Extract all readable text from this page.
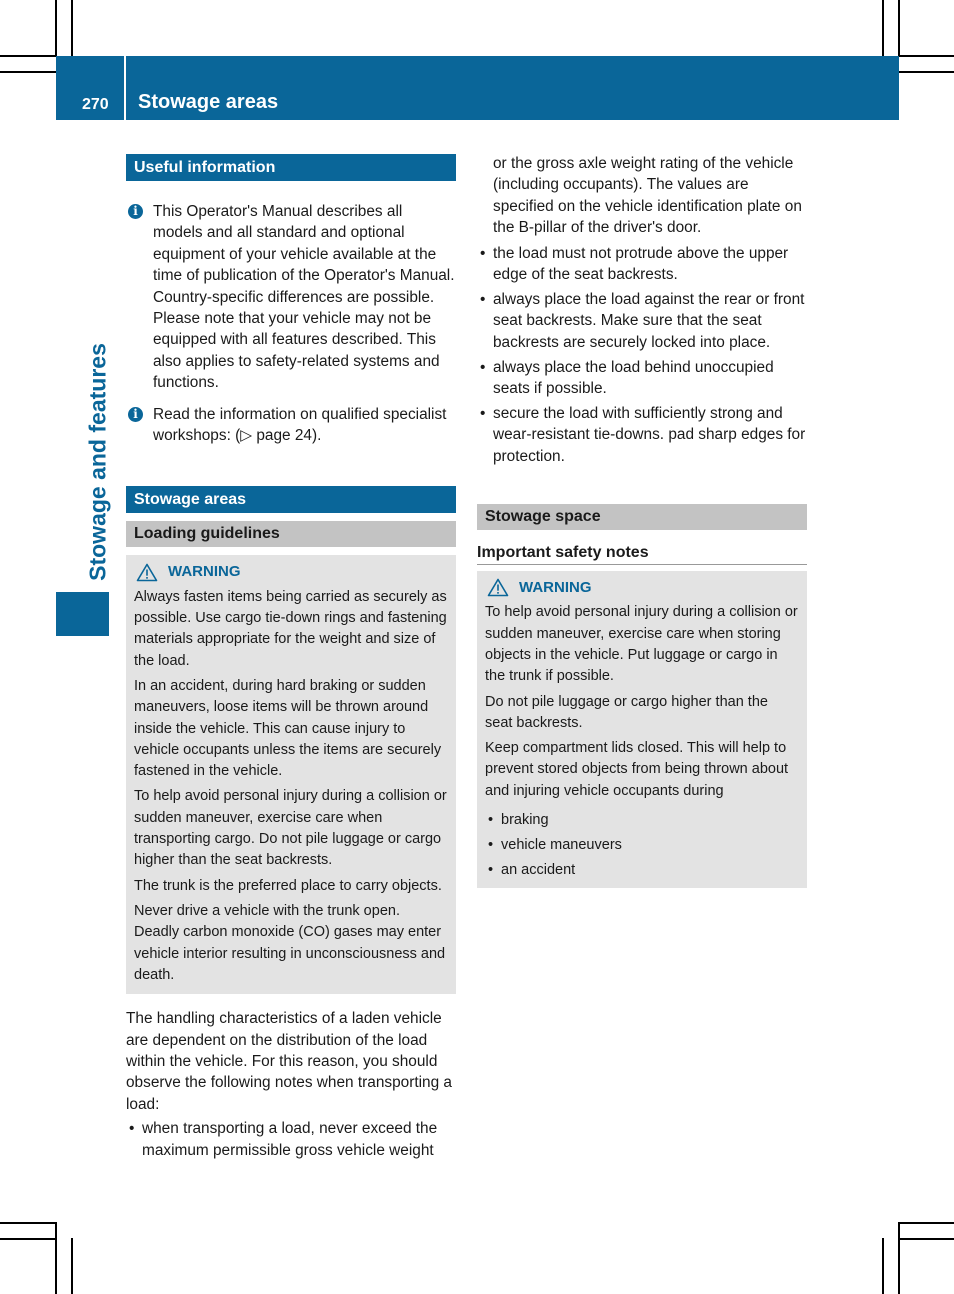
270 Stowage areas
Stowage and features
Useful information
i This Operator's Manual describes all models and all standard and optional equipment of your vehicle available at the time of publication of the Operator's Manual. Country-specific differences are possible. Please note that your vehicle may not be equipped with all features described. This also applies to safety-related systems and functions.
i Read the information on qualified specialist workshops: (▷ page 24).
Stowage areas
Loading guidelines
WARNING

Always fasten items being carried as securely as possible. Use cargo tie-down rings and fastening materials appropriate for the weight and size of the load.

In an accident, during hard braking or sudden maneuvers, loose items will be thrown around inside the vehicle. This can cause injury to vehicle occupants unless the items are securely fastened in the vehicle.

To help avoid personal injury during a collision or sudden maneuver, exercise care when transporting cargo. Do not pile luggage or cargo higher than the seat backrests.

The trunk is the preferred place to carry objects.

Never drive a vehicle with the trunk open. Deadly carbon monoxide (CO) gases may enter vehicle interior resulting in unconsciousness and death.

The handling characteristics of a laden vehicle are dependent on the distribution of the load within the vehicle. For this reason, you should observe the following notes when transporting a load:

• when transporting a load, never exceed the maximum permissible gross vehicle weight

or the gross axle weight rating of the vehicle (including occupants). The values are specified on the vehicle identification plate on the B-pillar of the driver's door.

• the load must not protrude above the upper edge of the seat backrests.
• always place the load against the rear or front seat backrests. Make sure that the seat backrests are securely locked into place.
• always place the load behind unoccupied seats if possible.
• secure the load with sufficiently strong and wear-resistant tie-downs. pad sharp edges for protection.
Stowage space
Important safety notes
WARNING

To help avoid personal injury during a collision or sudden maneuver, exercise care when storing objects in the vehicle. Put luggage or cargo in the trunk if possible.

Do not pile luggage or cargo higher than the seat backrests.

Keep compartment lids closed. This will help to prevent stored objects from being thrown about and injuring vehicle occupants during

• braking
• vehicle maneuvers
• an accident
